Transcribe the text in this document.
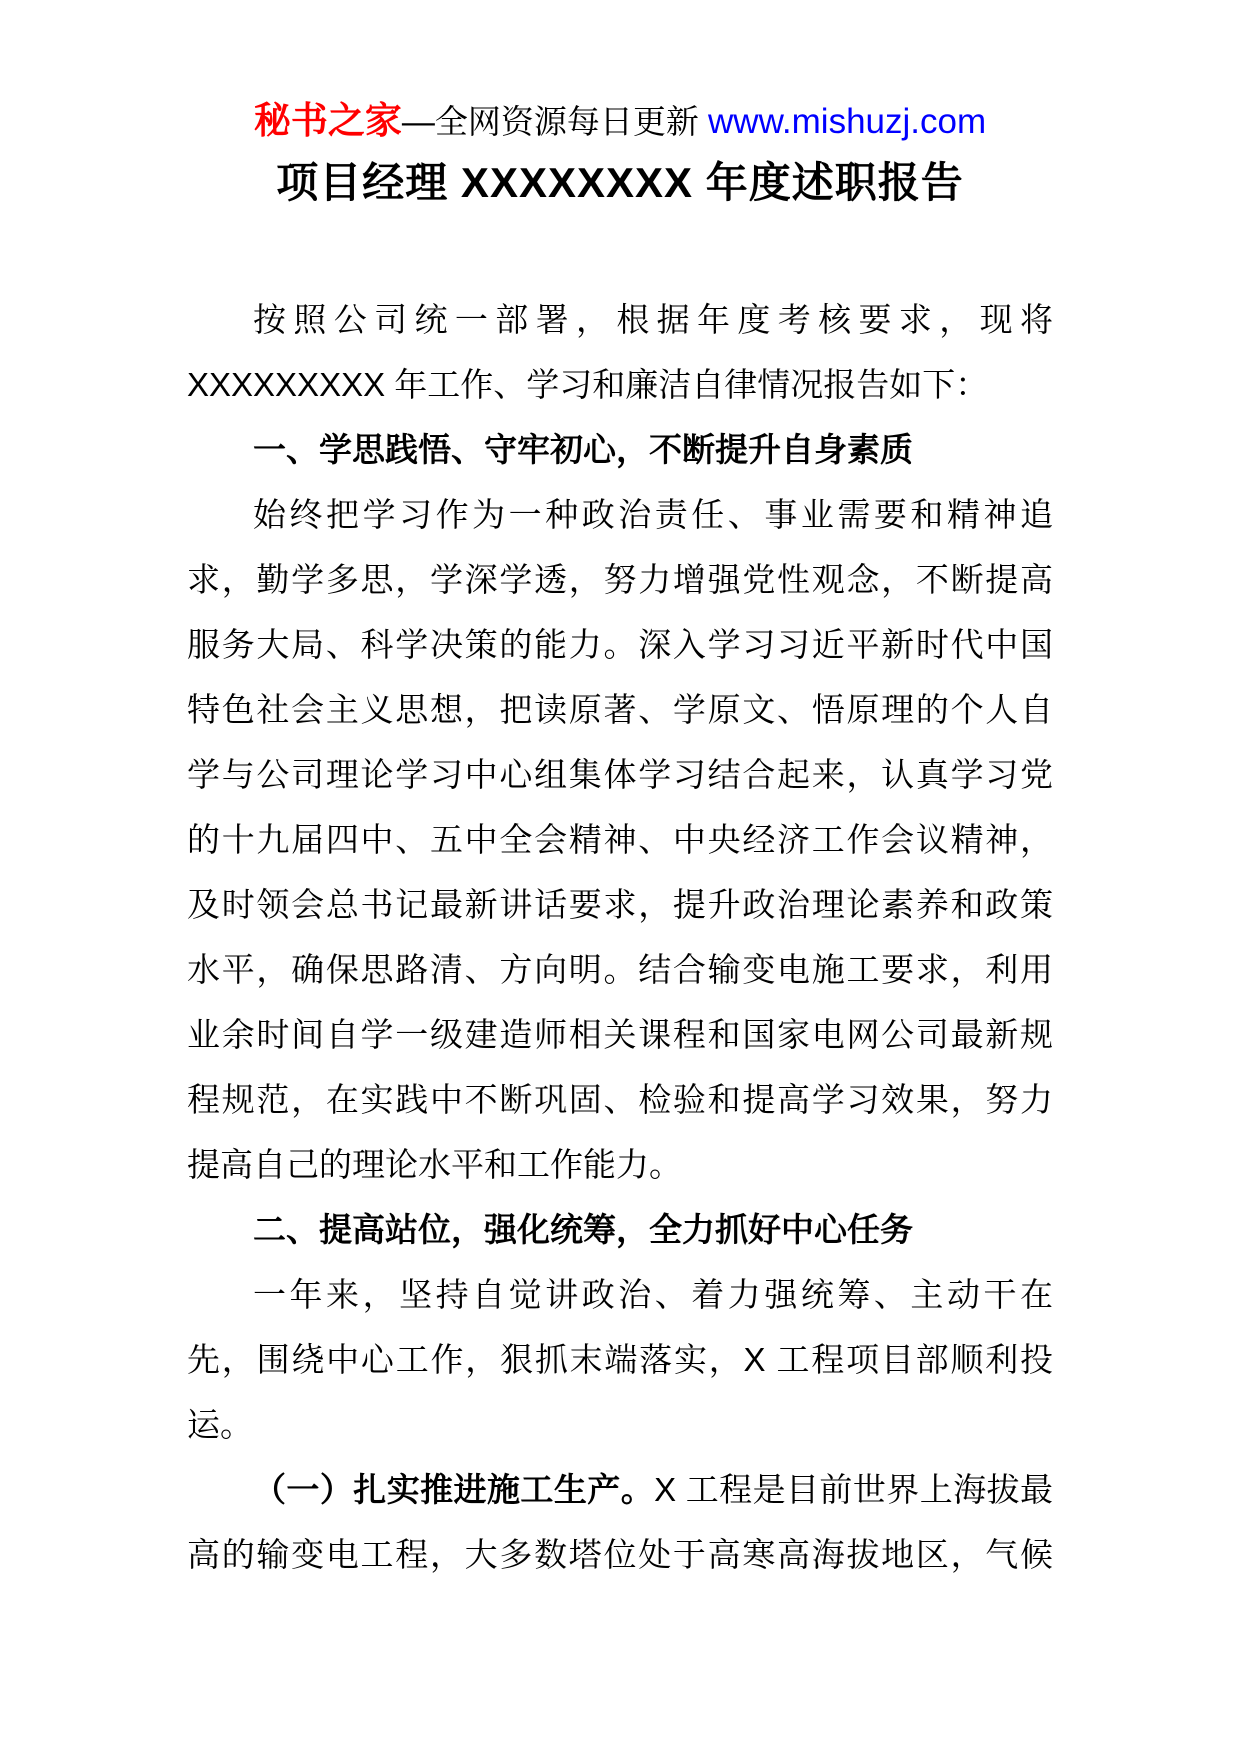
秘书之家—全网资源每日更新 www.mishuzj.com
项目经理 XXXXXXXX 年度述职报告
按照公司统一部署，根据年度考核要求，现将
XXXXXXXXX 年工作、学习和廉洁自律情况报告如下：
一、学思践悟、守牢初心，不断提升自身素质
始终把学习作为一种政治责任、事业需要和精神追
求，勤学多思，学深学透，努力增强党性观念，不断提高
服务大局、科学决策的能力。深入学习习近平新时代中国
特色社会主义思想，把读原著、学原文、悟原理的个人自
学与公司理论学习中心组集体学习结合起来，认真学习党
的十九届四中、五中全会精神、中央经济工作会议精神，
及时领会总书记最新讲话要求，提升政治理论素养和政策
水平，确保思路清、方向明。结合输变电施工要求，利用
业余时间自学一级建造师相关课程和国家电网公司最新规
程规范，在实践中不断巩固、检验和提高学习效果，努力
提高自己的理论水平和工作能力。
二、提高站位，强化统筹，全力抓好中心任务
一年来，坚持自觉讲政治、着力强统筹、主动干在
先，围绕中心工作，狠抓末端落实，X 工程项目部顺利投
运。
（一）扎实推进施工生产。X 工程是目前世界上海拔最
高的输变电工程，大多数塔位处于高寒高海拔地区，气候
